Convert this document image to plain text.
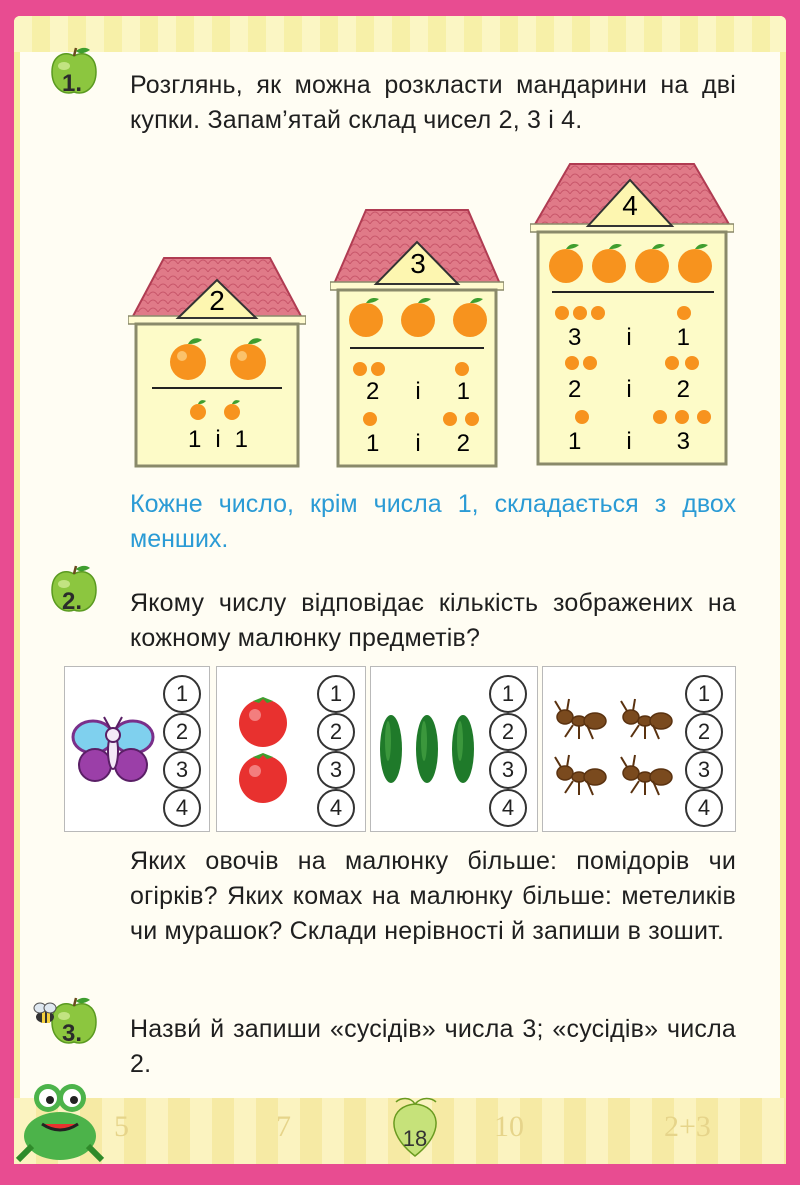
1. Розглянь, як можна розкласти мандарини на дві купки. Запам’ятай склад чисел 2, 3 і 4.
2
1 і 1
3
2 і 1
1 і 2
4
3 і 1
2 і 2
1 і 3
Кожне число, крім числа 1, складається з двох менших.
2. Якому числу відповідає кількість зображених на кожному малюнку предметів?
1
2
3
4
1
2
3
4
1
2
3
4
1
2
3
4
Яких овочів на малюнку більше: помідорів чи огірків? Яких комах на малюнку більше: метеликів чи мурашок? Склади нерівності й запиши в зошит.
3. Назви́ й запиши «сусідів» числа 3; «сусідів» числа 2.
5	7	10	2+3
18
